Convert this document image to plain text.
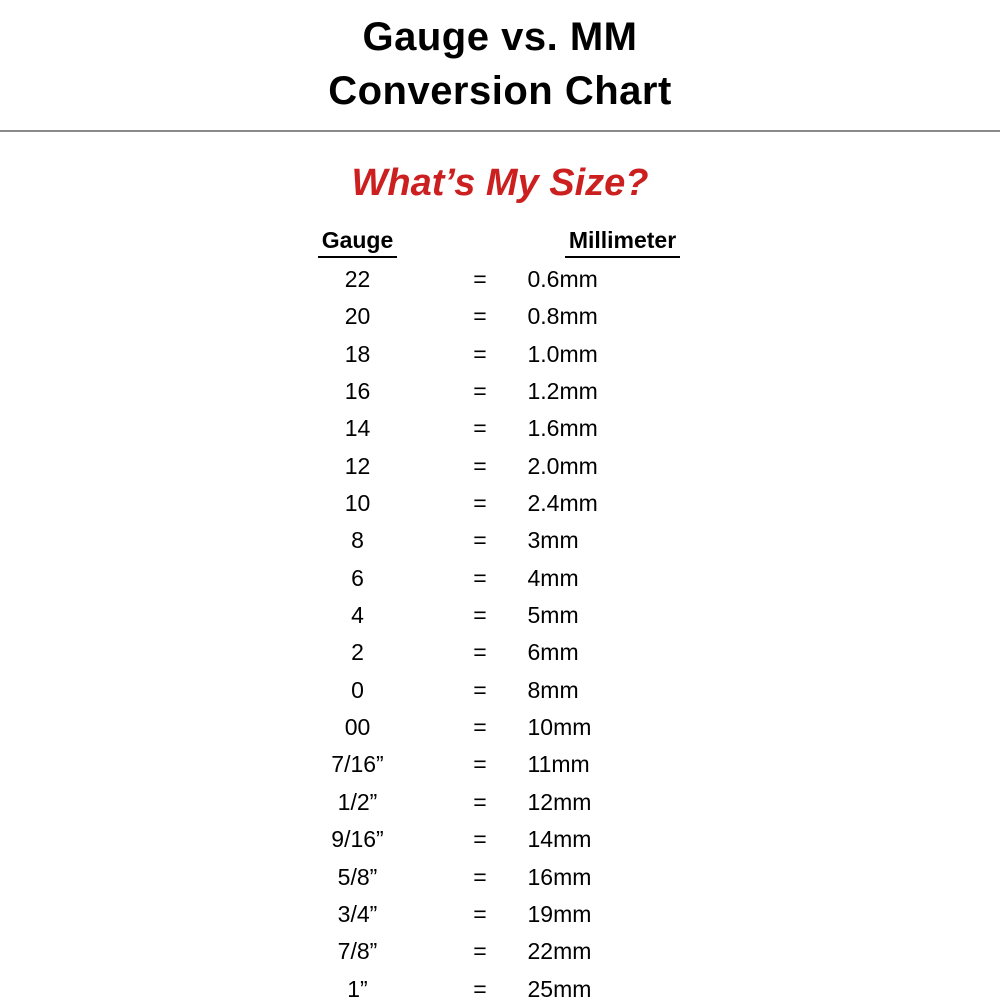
Gauge vs. MM
Conversion Chart
What’s My Size?
Gauge		Millimeter
22	=	0.6mm
20	=	0.8mm
18	=	1.0mm
16	=	1.2mm
14	=	1.6mm
12	=	2.0mm
10	=	2.4mm
8	=	3mm
6	=	4mm
4	=	5mm
2	=	6mm
0	=	8mm
00	=	10mm
7/16”	=	11mm
1/2”	=	12mm
9/16”	=	14mm
5/8”	=	16mm
3/4”	=	19mm
7/8”	=	22mm
1”	=	25mm
